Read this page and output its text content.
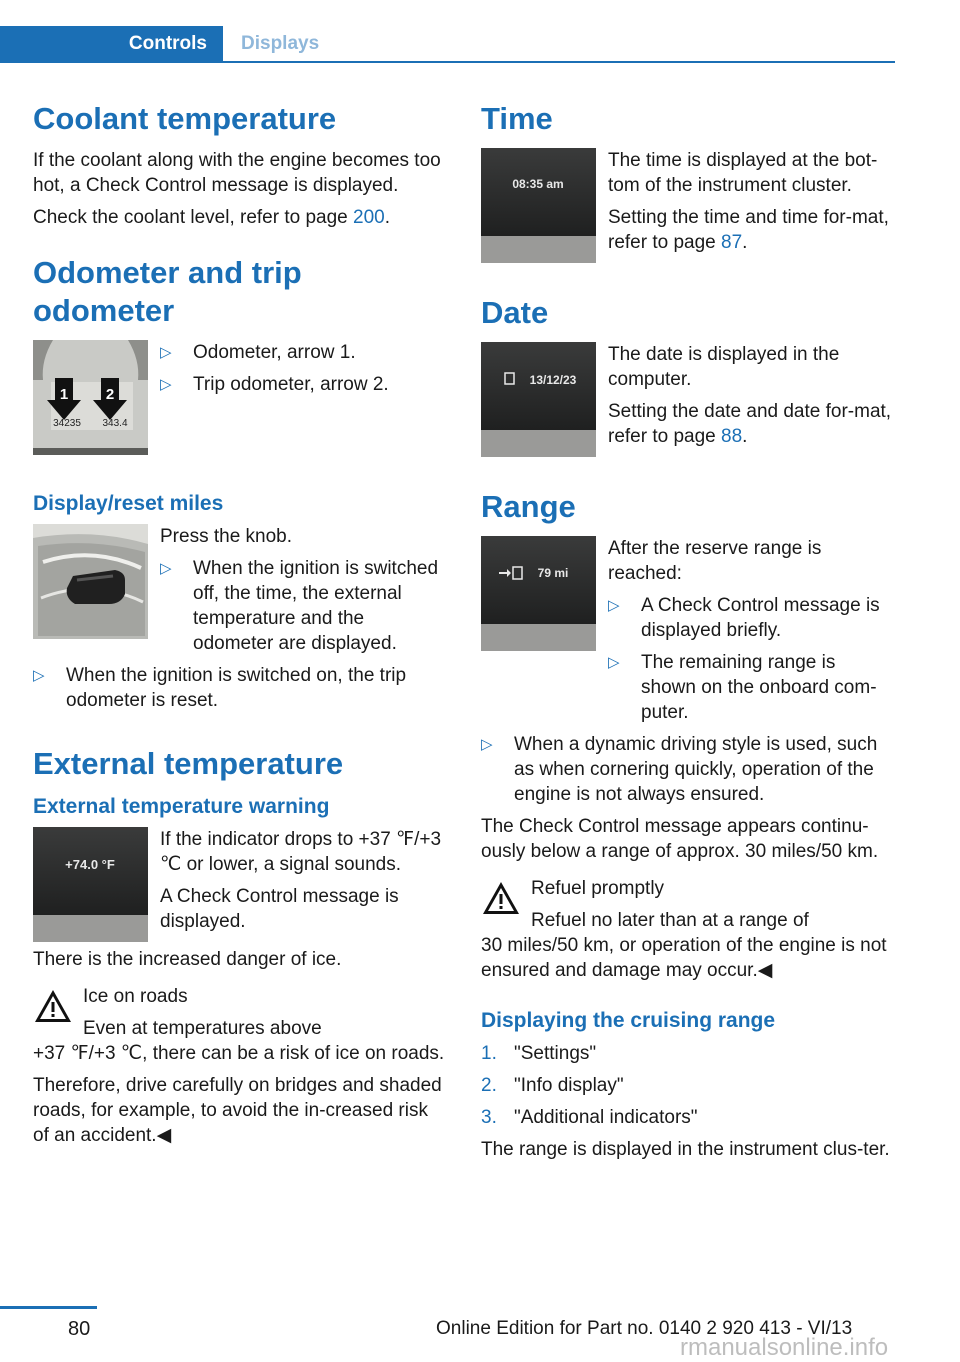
Controls	Displays
Coolant temperature

If the coolant along with the engine becomes too hot, a Check Control message is displayed.

Check the coolant level, refer to page 200.

Odometer and trip odometer
1	2
34235 343.4
▷ Odometer, arrow 1.
▷ Trip odometer, arrow 2.
Display/reset miles

Press the knob.

▷ When the ignition is switched off, the time, the external temperature and the odometer are displayed.
▷ When the ignition is switched on, the trip odometer is reset.
External temperature
External temperature warning
+74.0 °F

If the indicator drops to +37 ℉/+3 ℃ or lower, a signal sounds.

A Check Control message is displayed.

There is the increased danger of ice.

Ice on roads

Even at temperatures above

+37 ℉/+3 ℃, there can be a risk of ice on roads.

Therefore, drive carefully on bridges and shaded roads, for example, to avoid the in‐creased risk of an accident.◀

Time
08:35 am

The time is displayed at the bot‐tom of the instrument cluster.

Setting the time and time for‐mat, refer to page 87.

Date
13/12/23

The date is displayed in the computer.

Setting the date and date for‐mat, refer to page 88.

Range
79 mi

After the reserve range is reached:

▷ A Check Control message is displayed briefly.
▷ The remaining range is shown on the onboard com‐puter.
▷ When a dynamic driving style is used, such as when cornering quickly, operation of the engine is not always ensured.

The Check Control message appears continu‐ously below a range of approx. 30 miles/50 km.

Refuel promptly

Refuel no later than at a range of

30 miles/50 km, or operation of the engine is not ensured and damage may occur.◀

Displaying the cruising range
1. "Settings"
2. "Info display"
3. "Additional indicators"

The range is displayed in the instrument clus‐ter.

80	Online Edition for Part no. 0140 2 920 413 - VI/13
rmanualsonline.info
